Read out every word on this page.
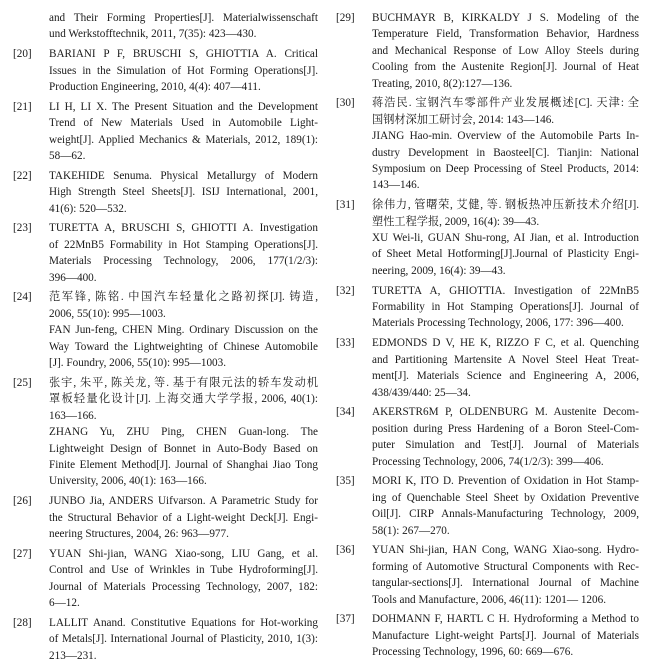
and Their Forming Properties[J]. Materialwissenschaft
und Werkstofftechnik, 2011, 7(35): 423—430.
[20]	BARIANI P F, BRUSCHI S, GHIOTTIA A. Critical
Issues in the Simulation of Hot Forming Operations[J].
Production Engineering, 2010, 4(4): 407—411.
[21]	LI H, LI X. The Present Situation and the Development
Trend of New Materials Used in Automobile Light-
weight[J]. Applied Mechanics & Materials, 2012, 189(1):
58—62.
[22]	TAKEHIDE Senuma. Physical Metallurgy of Modern
High Strength Steel Sheets[J]. ISIJ International, 2001,
41(6): 520—532.
[23]	TURETTA A, BRUSCHI S, GHIOTTI A. Investigation
of 22MnB5 Formability in Hot Stamping Operations[J].
Materials Processing Technology, 2006, 177(1/2/3):
396—400.
[24]	范军锋, 陈铭. 中国汽车轻量化之路初探[J]. 铸造,
2006, 55(10): 995—1003.
FAN Jun-feng, CHEN Ming. Ordinary Discussion on the
Way Toward the Lightweighting of Chinese Automobile
[J]. Foundry, 2006, 55(10): 995—1003.
[25]	张宇, 朱平, 陈关龙, 等. 基于有限元法的轿车发动机
罩板轻量化设计[J]. 上海交通大学学报, 2006, 40(1):
163—166.
ZHANG Yu, ZHU Ping, CHEN Guan-long. The
Lightweight Design of Bonnet in Auto-Body Based on
Finite Element Method[J]. Journal of Shanghai Jiao Tong
University, 2006, 40(1): 163—166.
[26]	JUNBO Jia, ANDERS Uifvarson. A Parametric Study for
the Structural Behavior of a Light-weight Deck[J]. Engi-
neering Structures, 2004, 26: 963—977.
[27]	YUAN Shi-jian, WANG Xiao-song, LIU Gang, et al.
Control and Use of Wrinkles in Tube Hydroforming[J].
Journal of Materials Processing Technology, 2007, 182:
6—12.
[28]	LALLIT Anand. Constitutive Equations for Hot-working
of Metals[J]. International Journal of Plasticity, 2010, 1(3):
213—231.
[29]	BUCHMAYR B, KIRKALDY J S. Modeling of the
Temperature Field, Transformation Behavior, Hardness
and Mechanical Response of Low Alloy Steels during
Cooling from the Austenite Region[J]. Journal of Heat
Treating, 2010, 8(2):127—136.
[30]	蒋浩民. 宝钢汽车零部件产业发展概述[C]. 天津: 全
国钢材深加工研讨会, 2014: 143—146.
JIANG Hao-min. Overview of the Automobile Parts In-
dustry Development in Baosteel[C]. Tianjin: National
Symposium on Deep Processing of Steel Products, 2014:
143—146.
[31]	徐伟力, 管曙荣, 艾健, 等. 钢板热冲压新技术介绍[J].
塑性工程学报, 2009, 16(4): 39—43.
XU Wei-li, GUAN Shu-rong, AI Jian, et al. Introduction
of Sheet Metal Hotforming[J].Journal of Plasticity Engi-
neering, 2009, 16(4): 39—43.
[32]	TURETTA A, GHIOTTIA. Investigation of 22MnB5
Formability in Hot Stamping Operations[J]. Journal of
Materials Processing Technology, 2006, 177: 396—400.
[33]	EDMONDS D V, HE K, RIZZO F C, et al. Quenching
and Partitioning Martensite A Novel Steel Heat Treat-
ment[J]. Materials Science and Engineering A, 2006,
438/439/440: 25—34.
[34]	AKERSTR6M P, OLDENBURG M. Austenite Decom-
position during Press Hardening of a Boron Steel-Com-
puter Simulation and Test[J]. Journal of Materials
Processing Technology, 2006, 74(1/2/3): 399—406.
[35]	MORI K, ITO D. Prevention of Oxidation in Hot Stamp-
ing of Quenchable Steel Sheet by Oxidation Preventive
Oil[J]. CIRP Annals-Manufacturing Technology, 2009,
58(1): 267—270.
[36]	YUAN Shi-jian, HAN Cong, WANG Xiao-song. Hydro-
forming of Automotive Structural Components with Rec-
tangular-sections[J]. International Journal of Machine
Tools and Manufacture, 2006, 46(11): 1201— 1206.
[37]	DOHMANN F, HARTL C H. Hydroforming a Method to
Manufacture Light-weight Parts[J]. Journal of Materials
Processing Technology, 1996, 60: 669—676.
